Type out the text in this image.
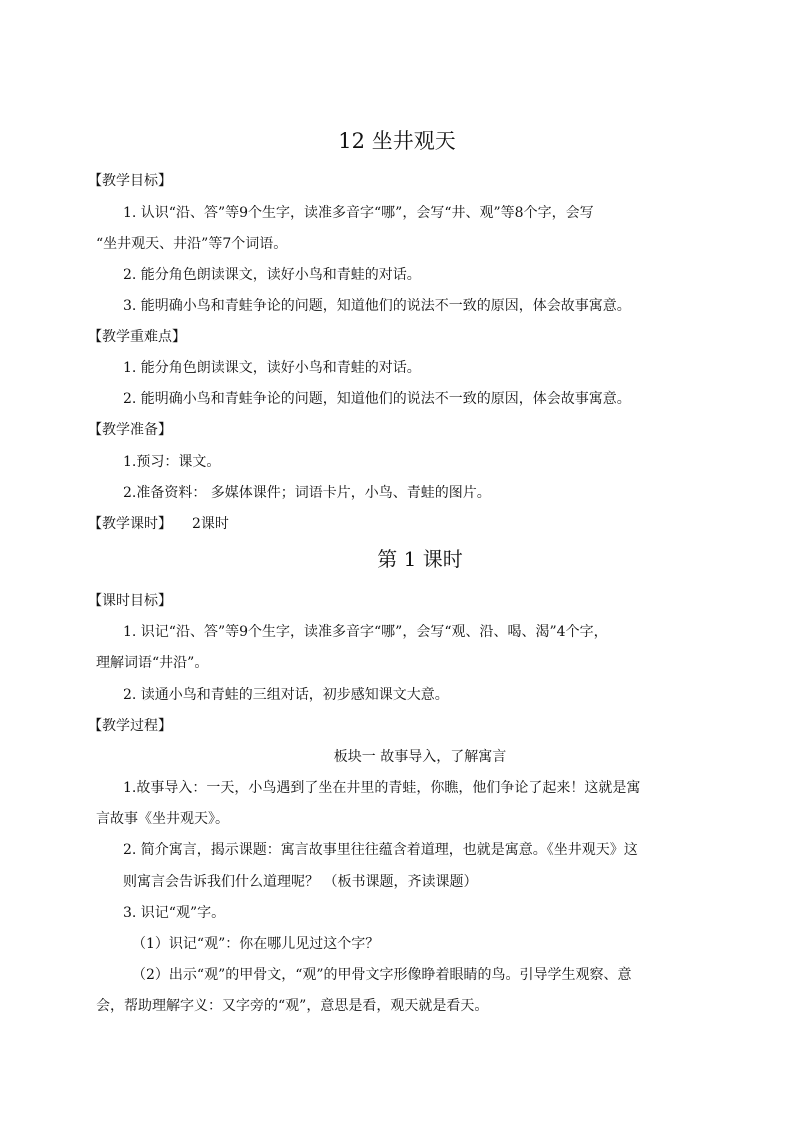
12 坐井观天
【教学目标】
1. 认识“沿、答”等9个生字，读准多音字“哪”，会写“井、观”等8个字，会写
“坐井观天、井沿”等7个词语。
2. 能分角色朗读课文，读好小鸟和青蛙的对话。
3. 能明确小鸟和青蛙争论的问题，知道他们的说法不一致的原因，体会故事寓意。
【教学重难点】
1. 能分角色朗读课文，读好小鸟和青蛙的对话。
2. 能明确小鸟和青蛙争论的问题，知道他们的说法不一致的原因，体会故事寓意。
【教学准备】
1.预习：课文。
2.准备资料： 多媒体课件；词语卡片，小鸟、青蛙的图片。
【教学课时】 2课时
第 1 课时
【课时目标】
1. 识记“沿、答”等9个生字，读准多音字“哪”，会写“观、沿、喝、渴”4个字，
理解词语“井沿”。
2. 读通小鸟和青蛙的三组对话，初步感知课文大意。
【教学过程】
板块一 故事导入，了解寓言
1.故事导入：一天，小鸟遇到了坐在井里的青蛙，你瞧，他们争论了起来！这就是寓
言故事《坐井观天》。
2. 简介寓言，揭示课题：寓言故事里往往蕴含着道理，也就是寓意。《坐井观天》这
则寓言会告诉我们什么道理呢？ （板书课题，齐读课题）
3. 识记“观”字。
（1）识记“观”：你在哪儿见过这个字？
（2）出示“观”的甲骨文，“观”的甲骨文字形像睁着眼睛的鸟。引导学生观察、意
会，帮助理解字义：又字旁的“观”，意思是看，观天就是看天。
